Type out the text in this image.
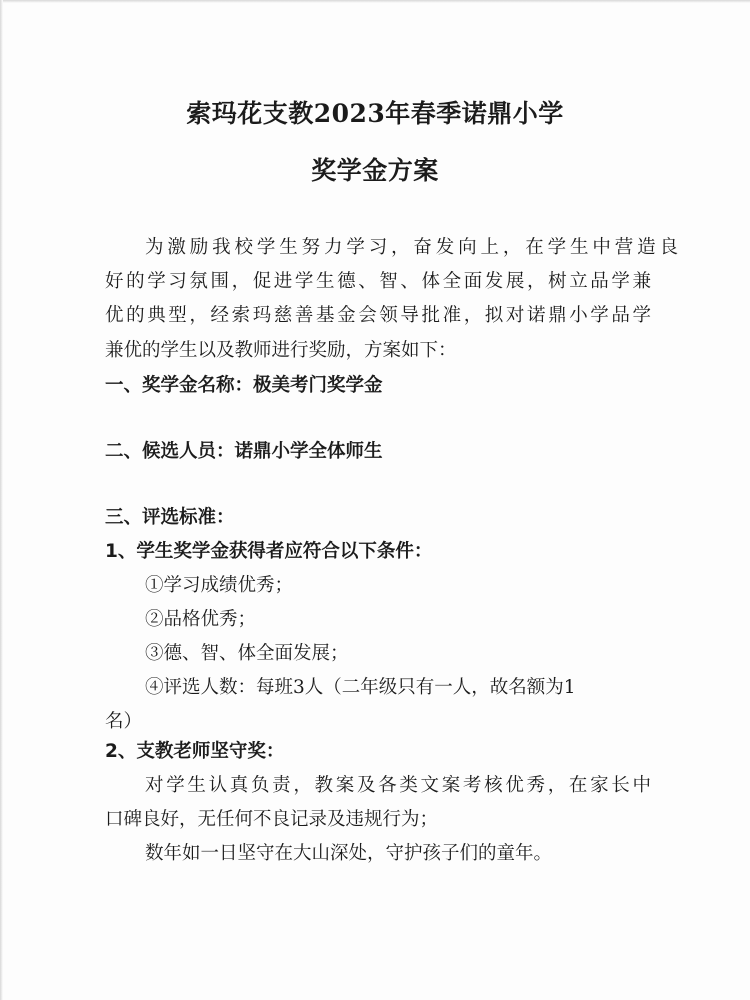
索玛花支教2023年春季诺鼎小学
奖学金方案
为激励我校学生努力学习，奋发向上，在学生中营造良
好的学习氛围，促进学生德、智、体全面发展，树立品学兼
优的典型，经索玛慈善基金会领导批准，拟对诺鼎小学品学
兼优的学生以及教师进行奖励，方案如下：
一、奖学金名称：极美考门奖学金
二、候选人员：诺鼎小学全体师生
三、评选标准：
1、学生奖学金获得者应符合以下条件：
①学习成绩优秀；
②品格优秀；
③德、智、体全面发展；
④评选人数：每班3人（二年级只有一人，故名额为1
名）
2、支教老师坚守奖：
对学生认真负责，教案及各类文案考核优秀，在家长中
口碑良好，无任何不良记录及违规行为；
数年如一日坚守在大山深处，守护孩子们的童年。
